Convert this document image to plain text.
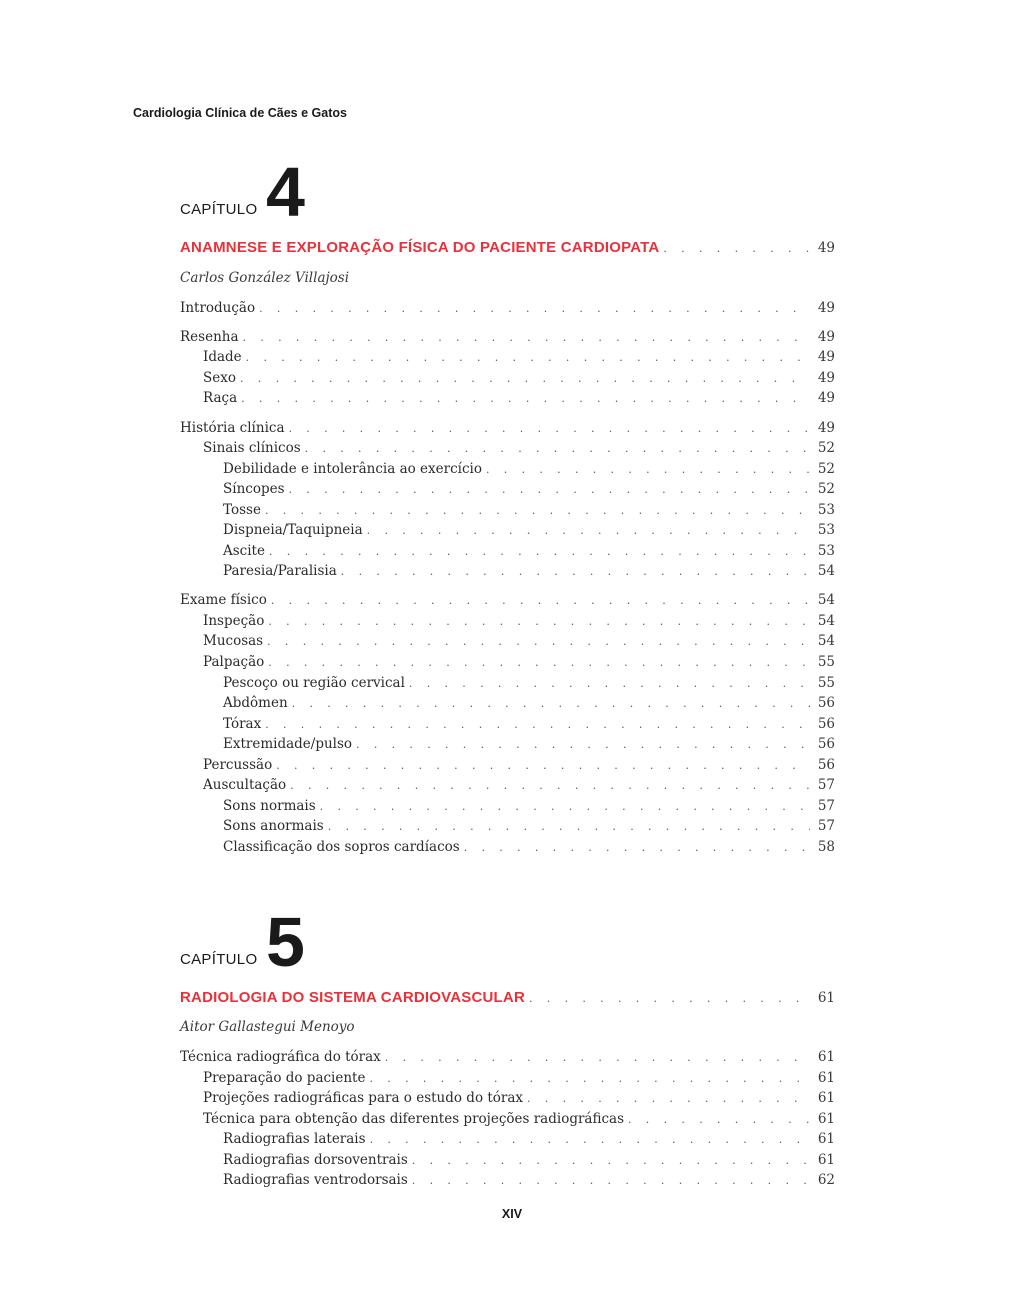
Cardiologia Clínica de Cães e Gatos
CAPÍTULO 4
ANAMNESE E EXPLORAÇÃO FÍSICA DO PACIENTE CARDIOPATA . . .	49
Carlos González Villajosi
Introdução . . .	49
Resenha . . .	49
Idade . . .	49
Sexo . . .	49
Raça . . .	49
História clínica . . .	49
Sinais clínicos . . .	52
Debilidade e intolerância ao exercício . . .	52
Síncopes . . .	52
Tosse . . .	53
Dispneia/Taquipneia . . .	53
Ascite . . .	53
Paresia/Paralisia . . .	54
Exame físico . . .	54
Inspeção . . .	54
Mucosas . . .	54
Palpação . . .	55
Pescoço ou região cervical . . .	55
Abdômen . . .	56
Tórax . . .	56
Extremidade/pulso . . .	56
Percussão . . .	56
Auscultação . . .	57
Sons normais . . .	57
Sons anormais . . .	57
Classificação dos sopros cardíacos . . .	58
CAPÍTULO 5
RADIOLOGIA DO SISTEMA CARDIOVASCULAR . . .	61
Aitor Gallastegui Menoyo
Técnica radiográfica do tórax . . .	61
Preparação do paciente . . .	61
Projeções radiográficas para o estudo do tórax . . .	61
Técnica para obtenção das diferentes projeções radiográficas . . .	61
Radiografias laterais . . .	61
Radiografias dorsoventrais . . .	61
Radiografias ventrodorsais . . .	62
XIV
